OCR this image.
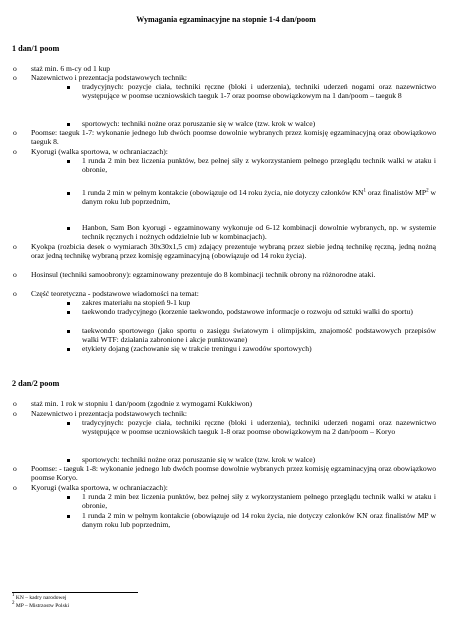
Wymagania egzaminacyjne na stopnie 1-4 dan/poom
1 dan/1 poom
o staż min. 6 m-cy od 1 kup
o Nazewnictwo i prezentacja podstawowych technik:
tradycyjnych: pozycje ciała, techniki ręczne (bloki i uderzenia), techniki uderzeń nogami oraz nazewnictwo występujące w poomse uczniowskich taeguk 1-7 oraz poomse obowiązkowym na 1 dan/poom – taeguk 8
sportowych: techniki nożne oraz poruszanie się w walce (tzw. krok w walce)
o Poomse: taeguk 1-7: wykonanie jednego lub dwóch poomse dowolnie wybranych przez komisję egzaminacyjną oraz obowiązkowo taeguk 8.
o Kyorugi (walka sportowa, w ochraniaczach):
1 runda 2 min bez liczenia punktów, bez pełnej siły z wykorzystaniem pełnego przeglądu technik walki w ataku i obronie,
1 runda 2 min w pełnym kontakcie (obowiązuje od 14 roku życia, nie dotyczy członków $KN^1$ oraz finalistów $MP^2$ w danym roku lub poprzednim,
Hanbon, Sam Bon kyorugi - egzaminowany wykonuje od 6-12 kombinacji dowolnie wybranych, np. w systemie technik ręcznych i nożnych oddzielnie lub w kombinacjach).
o Kyokpa (rozbicia desek o wymiarach 30x30x1,5 cm) zdający prezentuje wybraną przez siebie jedną technikę ręczną, jedną nożną oraz jedną technikę wybraną przez komisję egzaminacyjną (obowiązuje od 14 roku życia).
o Hosinsul (techniki samoobrony): egzaminowany prezentuje do 8 kombinacji technik obrony na różnorodne ataki.
o Część teoretyczna - podstawowe wiadomości na temat:
zakres materiału na stopień 9-1 kup
taekwondo tradycyjnego (korzenie taekwondo, podstawowe informacje o rozwoju od sztuki walki do sportu)
taekwondo sportowego (jako sportu o zasięgu światowym i olimpijskim, znajomość podstawowych przepisów walki WTF: działania zabronione i akcje punktowane)
etykiety dojang (zachowanie się w trakcie treningu i zawodów sportowych)
2 dan/2 poom
o staż min. 1 rok w stopniu 1 dan/poom (zgodnie z wymogami Kukkiwon)
o Nazewnictwo i prezentacja podstawowych technik:
tradycyjnych: pozycje ciała, techniki ręczne (bloki i uderzenia), techniki uderzeń nogami oraz nazewnictwo występujące w poomse uczniowskich taeguk 1-8 oraz poomse obowiązkowym na 2 dan/poom – Koryo
sportowych: techniki nożne oraz poruszanie się w walce (tzw. krok w walce)
o Poomse: - taeguk 1-8: wykonanie jednego lub dwóch poomse dowolnie wybranych przez komisję egzaminacyjną oraz obowiązkowo poomse Koryo.
o Kyorugi (walka sportowa, w ochraniaczach):
1 runda 2 min bez liczenia punktów, bez pełnej siły z wykorzystaniem pełnego przeglądu technik walki w ataku i obronie,
1 runda 2 min w pełnym kontakcie (obowiązuje od 14 roku życia, nie dotyczy członków KN oraz finalistów MP w danym roku lub poprzednim,
$^1$ KN – kadry narodowej
$^2$ MP – Mistrzostw Polski
